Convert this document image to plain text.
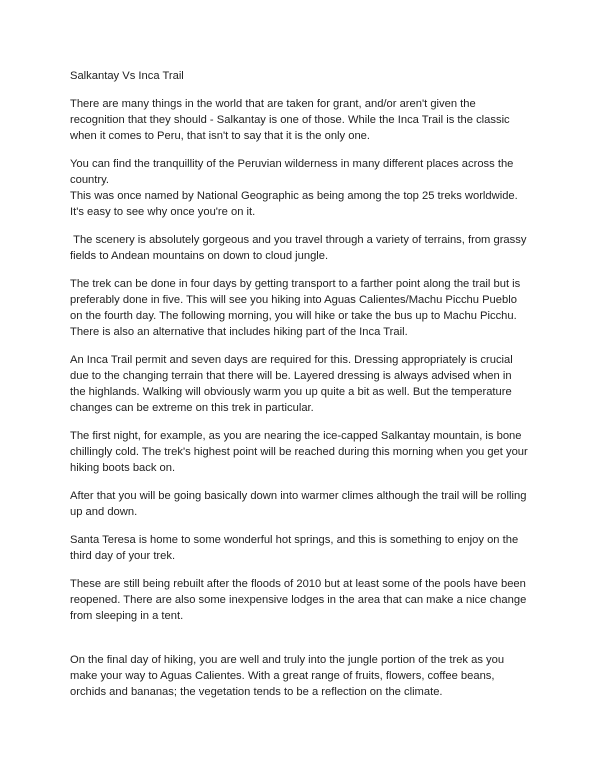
Salkantay Vs Inca Trail

There are many things in the world that are taken for grant, and/or aren't given the recognition that they should - Salkantay is one of those. While the Inca Trail is the classic when it comes to Peru, that isn't to say that it is the only one.

You can find the tranquillity of the Peruvian wilderness in many different places across the country.

This was once named by National Geographic as being among the top 25 treks worldwide. It's easy to see why once you're on it.

The scenery is absolutely gorgeous and you travel through a variety of terrains, from grassy fields to Andean mountains on down to cloud jungle.

The trek can be done in four days by getting transport to a farther point along the trail but is preferably done in five. This will see you hiking into Aguas Calientes/Machu Picchu Pueblo on the fourth day. The following morning, you will hike or take the bus up to Machu Picchu. There is also an alternative that includes hiking part of the Inca Trail.

An Inca Trail permit and seven days are required for this. Dressing appropriately is crucial due to the changing terrain that there will be. Layered dressing is always advised when in the highlands. Walking will obviously warm you up quite a bit as well. But the temperature changes can be extreme on this trek in particular.

The first night, for example, as you are nearing the ice-capped Salkantay mountain, is bone chillingly cold. The trek's highest point will be reached during this morning when you get your hiking boots back on.

After that you will be going basically down into warmer climes although the trail will be rolling up and down.

Santa Teresa is home to some wonderful hot springs, and this is something to enjoy on the third day of your trek.

These are still being rebuilt after the floods of 2010 but at least some of the pools have been reopened. There are also some inexpensive lodges in the area that can make a nice change from sleeping in a tent.

On the final day of hiking, you are well and truly into the jungle portion of the trek as you make your way to Aguas Calientes. With a great range of fruits, flowers, coffee beans, orchids and bananas; the vegetation tends to be a reflection on the climate.
